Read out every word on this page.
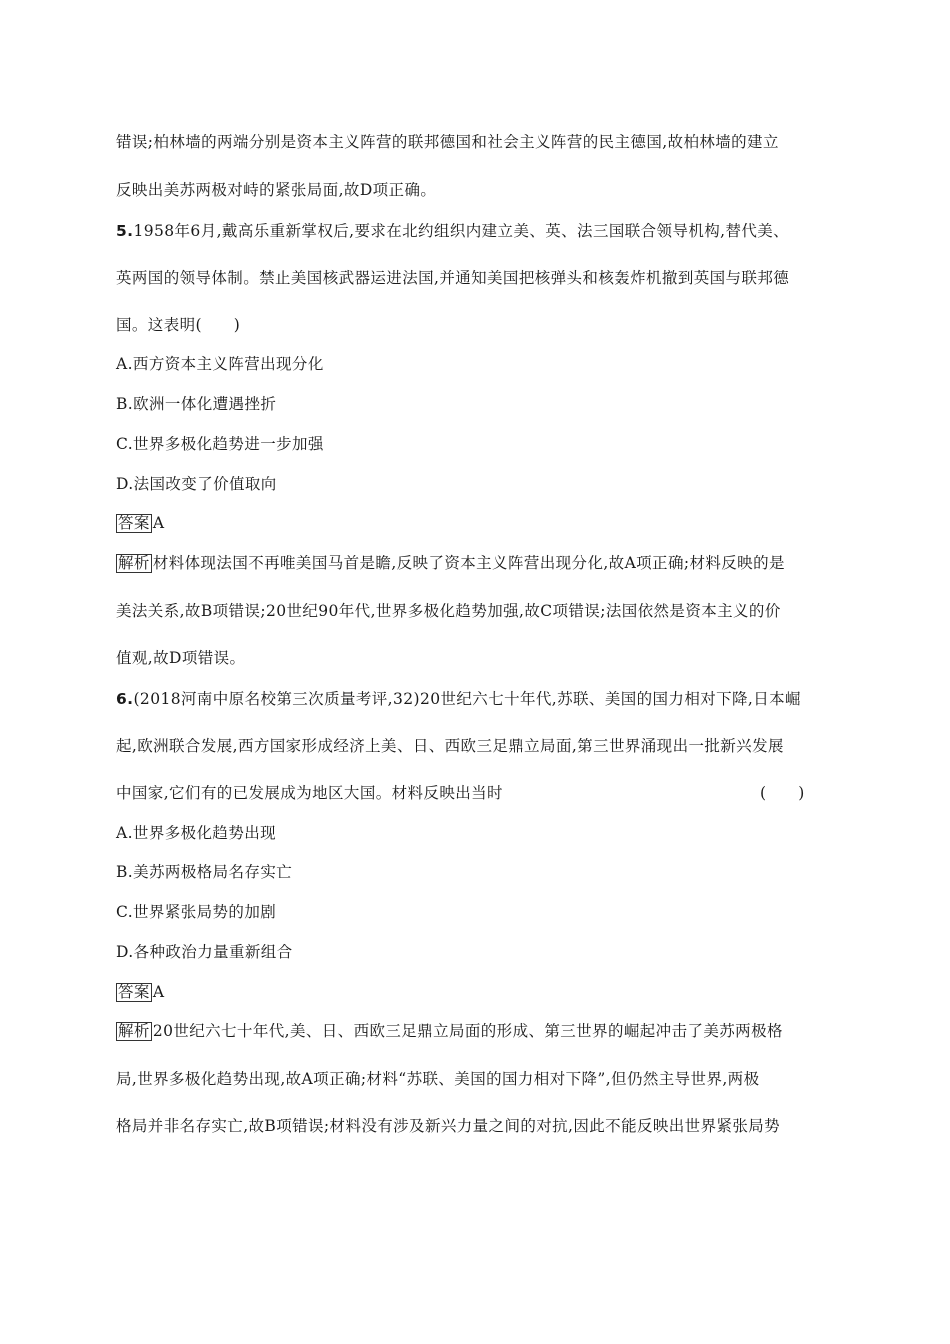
错误;柏林墙的两端分别是资本主义阵营的联邦德国和社会主义阵营的民主德国,故柏林墙的建立
反映出美苏两极对峙的紧张局面,故D项正确。
5.1958年6月,戴高乐重新掌权后,要求在北约组织内建立美、英、法三国联合领导机构,替代美、
英两国的领导体制。禁止美国核武器运进法国,并通知美国把核弹头和核轰炸机撤到英国与联邦德
国。这表明(　　)
A.西方资本主义阵营出现分化
B.欧洲一体化遭遇挫折
C.世界多极化趋势进一步加强
D.法国改变了价值取向
答案 A
解析 材料体现法国不再唯美国马首是瞻,反映了资本主义阵营出现分化,故A项正确;材料反映的是
美法关系,故B项错误;20世纪90年代,世界多极化趋势加强,故C项错误;法国依然是资本主义的价
值观,故D项错误。
6.(2018河南中原名校第三次质量考评,32)20世纪六七十年代,苏联、美国的国力相对下降,日本崛
起,欧洲联合发展,西方国家形成经济上美、日、西欧三足鼎立局面,第三世界涌现出一批新兴发展
中国家,它们有的已发展成为地区大国。材料反映出当时	(　　)
A.世界多极化趋势出现
B.美苏两极格局名存实亡
C.世界紧张局势的加剧
D.各种政治力量重新组合
答案 A
解析 20世纪六七十年代,美、日、西欧三足鼎立局面的形成、第三世界的崛起冲击了美苏两极格
局,世界多极化趋势出现,故A项正确;材料“苏联、美国的国力相对下降”,但仍然主导世界,两极
格局并非名存实亡,故B项错误;材料没有涉及新兴力量之间的对抗,因此不能反映出世界紧张局势
